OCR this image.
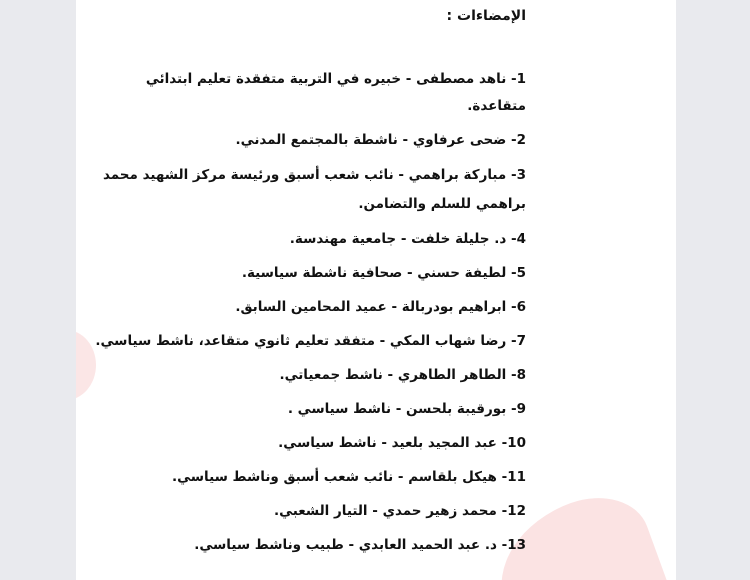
الإمضاءات :
1- ناهد مصطفى - خبيره في التربية متفقدة تعليم ابتدائي متقاعدة.
2- ضحى عرفاوي - ناشطة بالمجتمع المدني.
3- مباركة براهمي - نائب شعب أسبق ورئيسة مركز الشهيد محمد براهمي للسلم والتضامن.
4- د. جليلة خلفت - جامعية مهندسة.
5- لطيفة حسني - صحافية ناشطة سياسية.
6- ابراهيم بودربالة - عميد المحامين السابق.
7- رضا شهاب المكي - متفقد تعليم ثانوي متقاعد، ناشط سياسي.
8- الطاهر الطاهري - ناشط جمعياتي.
9- بورقيبة بلحسن - ناشط سياسي .
10- عبد المجيد بلعيد - ناشط سياسي.
11- هيكل بلقاسم - نائب شعب أسبق وناشط سياسي.
12- محمد زهير حمدي - التيار الشعبي.
13- د. عبد الحميد العابدي - طبيب وناشط سياسي.
